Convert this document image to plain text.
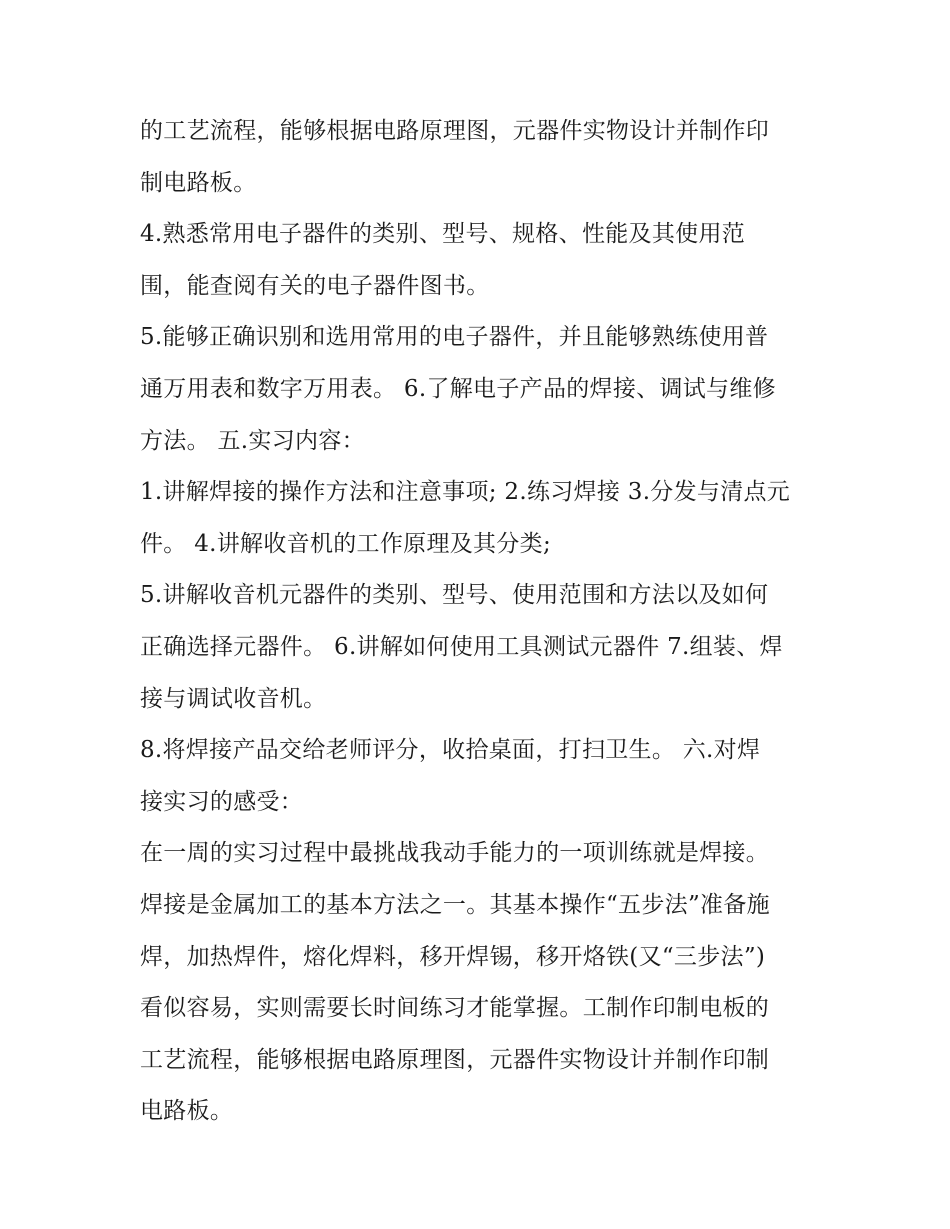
的工艺流程，能够根据电路原理图，元器件实物设计并制作印
制电路板。
4.熟悉常用电子器件的类别、型号、规格、性能及其使用范
围，能查阅有关的电子器件图书。
5.能够正确识别和选用常用的电子器件，并且能够熟练使用普
通万用表和数字万用表。 6.了解电子产品的焊接、调试与维修
方法。 五.实习内容：
1.讲解焊接的操作方法和注意事项; 2.练习焊接 3.分发与清点元
件。 4.讲解收音机的工作原理及其分类;
5.讲解收音机元器件的类别、型号、使用范围和方法以及如何
正确选择元器件。 6.讲解如何使用工具测试元器件 7.组装、焊
接与调试收音机。
8.将焊接产品交给老师评分，收拾桌面，打扫卫生。 六.对焊
接实习的感受：
在一周的实习过程中最挑战我动手能力的一项训练就是焊接。
焊接是金属加工的基本方法之一。其基本操作“五步法”准备施
焊，加热焊件，熔化焊料，移开焊锡，移开烙铁(又“三步法”)
看似容易，实则需要长时间练习才能掌握。工制作印制电板的
工艺流程，能够根据电路原理图，元器件实物设计并制作印制
电路板。
